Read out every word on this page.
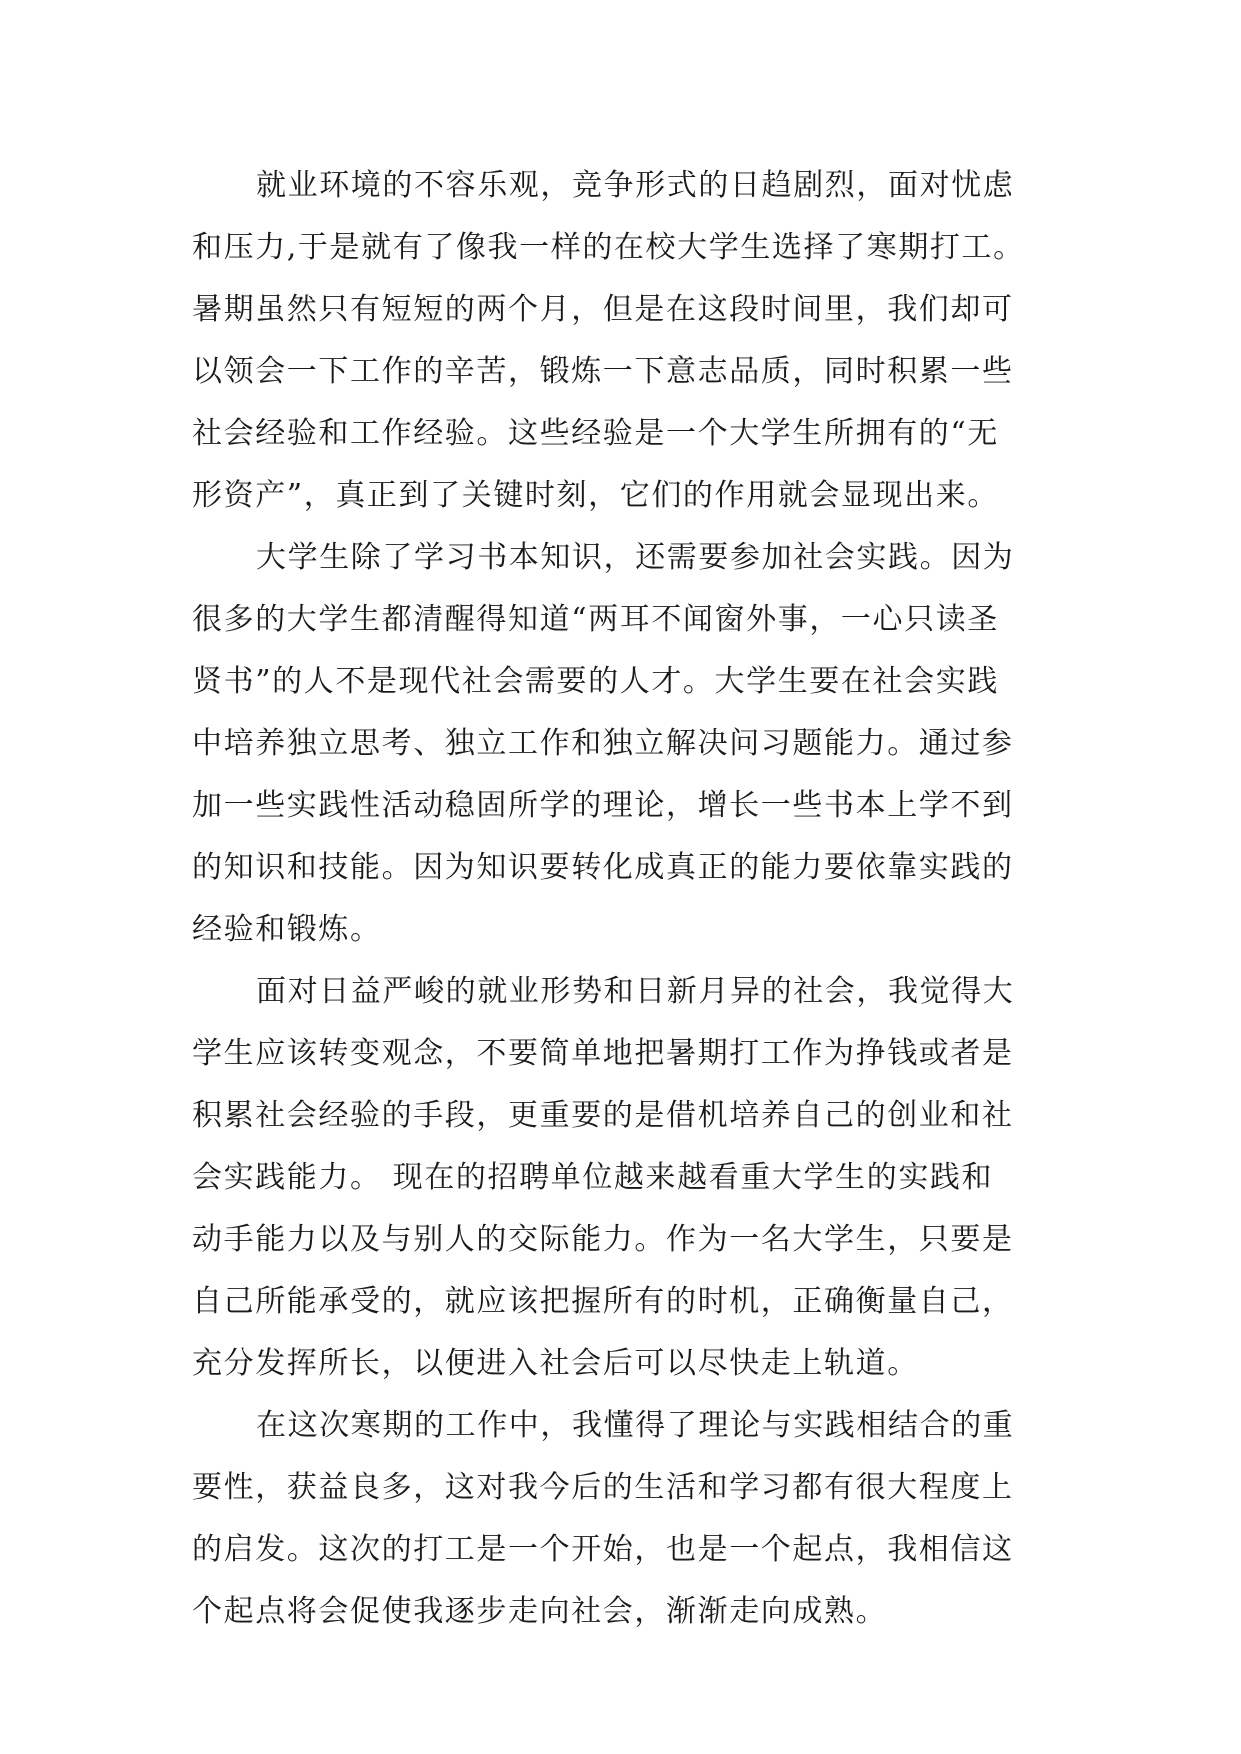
就业环境的不容乐观，竞争形式的日趋剧烈，面对忧虑
和压力,于是就有了像我一样的在校大学生选择了寒期打工。
暑期虽然只有短短的两个月，但是在这段时间里，我们却可
以领会一下工作的辛苦，锻炼一下意志品质，同时积累一些
社会经验和工作经验。这些经验是一个大学生所拥有的“无
形资产”，真正到了关键时刻，它们的作用就会显现出来。
大学生除了学习书本知识，还需要参加社会实践。因为
很多的大学生都清醒得知道“两耳不闻窗外事，一心只读圣
贤书”的人不是现代社会需要的人才。大学生要在社会实践
中培养独立思考、独立工作和独立解决问习题能力。通过参
加一些实践性活动稳固所学的理论，增长一些书本上学不到
的知识和技能。因为知识要转化成真正的能力要依靠实践的
经验和锻炼。
面对日益严峻的就业形势和日新月异的社会，我觉得大
学生应该转变观念，不要简单地把暑期打工作为挣钱或者是
积累社会经验的手段，更重要的是借机培养自己的创业和社
会实践能力。 现在的招聘单位越来越看重大学生的实践和
动手能力以及与别人的交际能力。作为一名大学生，只要是
自己所能承受的，就应该把握所有的时机，正确衡量自己，
充分发挥所长，以便进入社会后可以尽快走上轨道。
在这次寒期的工作中，我懂得了理论与实践相结合的重
要性，获益良多，这对我今后的生活和学习都有很大程度上
的启发。这次的打工是一个开始，也是一个起点，我相信这
个起点将会促使我逐步走向社会，渐渐走向成熟。
